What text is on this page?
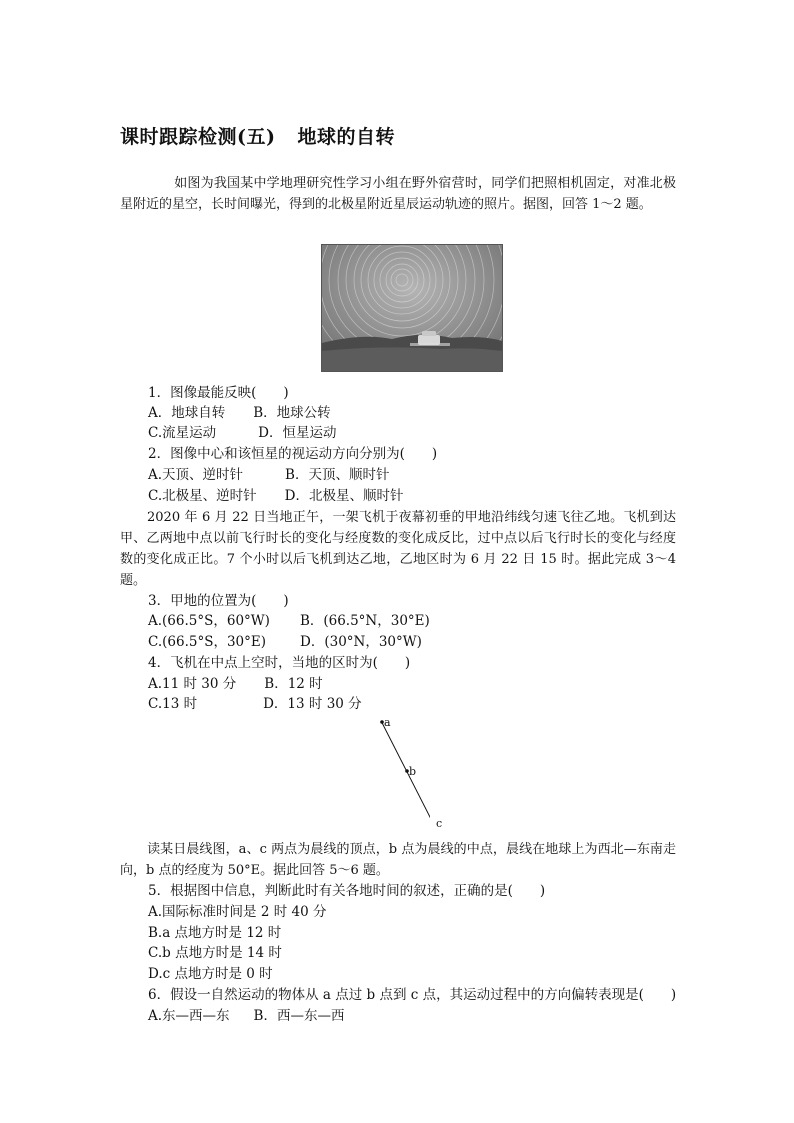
课时跟踪检测(五) 地球的自转
如图为我国某中学地理研究性学习小组在野外宿营时，同学们把照相机固定，对准北极星附近的星空，长时间曝光，得到的北极星附近星辰运动轨迹的照片。据图，回答 1～2 题。
1．图像最能反映(　　)
A．地球自转 B．地球公转
C.流星运动	D．恒星运动
2．图像中心和该恒星的视运动方向分别为(　　)
A.天顶、逆时针	B．天顶、顺时针
C.北极星、逆时针 D．北极星、顺时针
2020 年 6 月 22 日当地正午，一架飞机于夜幕初垂的甲地沿纬线匀速飞往乙地。飞机到达甲、乙两地中点以前飞行时长的变化与经度数的变化成反比，过中点以后飞行时长的变化与经度数的变化成正比。7 个小时以后飞机到达乙地，乙地区时为 6 月 22 日 15 时。据此完成 3～4 题。
3．甲地的位置为(　　)
A.(66.5°S，60°W) B．(66.5°N，30°E)
C.(66.5°S，30°E)	D．(30°N，30°W)
4．飞机在中点上空时，当地的区时为(　　)
A.11 时 30 分 B．12 时
C.13 时	D．13 时 30 分
a
b
c
读某日晨线图，a、c 两点为晨线的顶点，b 点为晨线的中点，晨线在地球上为西北—东南走向，b 点的经度为 50°E。据此回答 5～6 题。
5．根据图中信息，判断此时有关各地时间的叙述，正确的是(　　)
A.国际标准时间是 2 时 40 分
B.a 点地方时是 12 时
C.b 点地方时是 14 时
D.c 点地方时是 0 时
6．假设一自然运动的物体从 a 点过 b 点到 c 点，其运动过程中的方向偏转表现是(　　)
A.东—西—东 B．西—东—西
